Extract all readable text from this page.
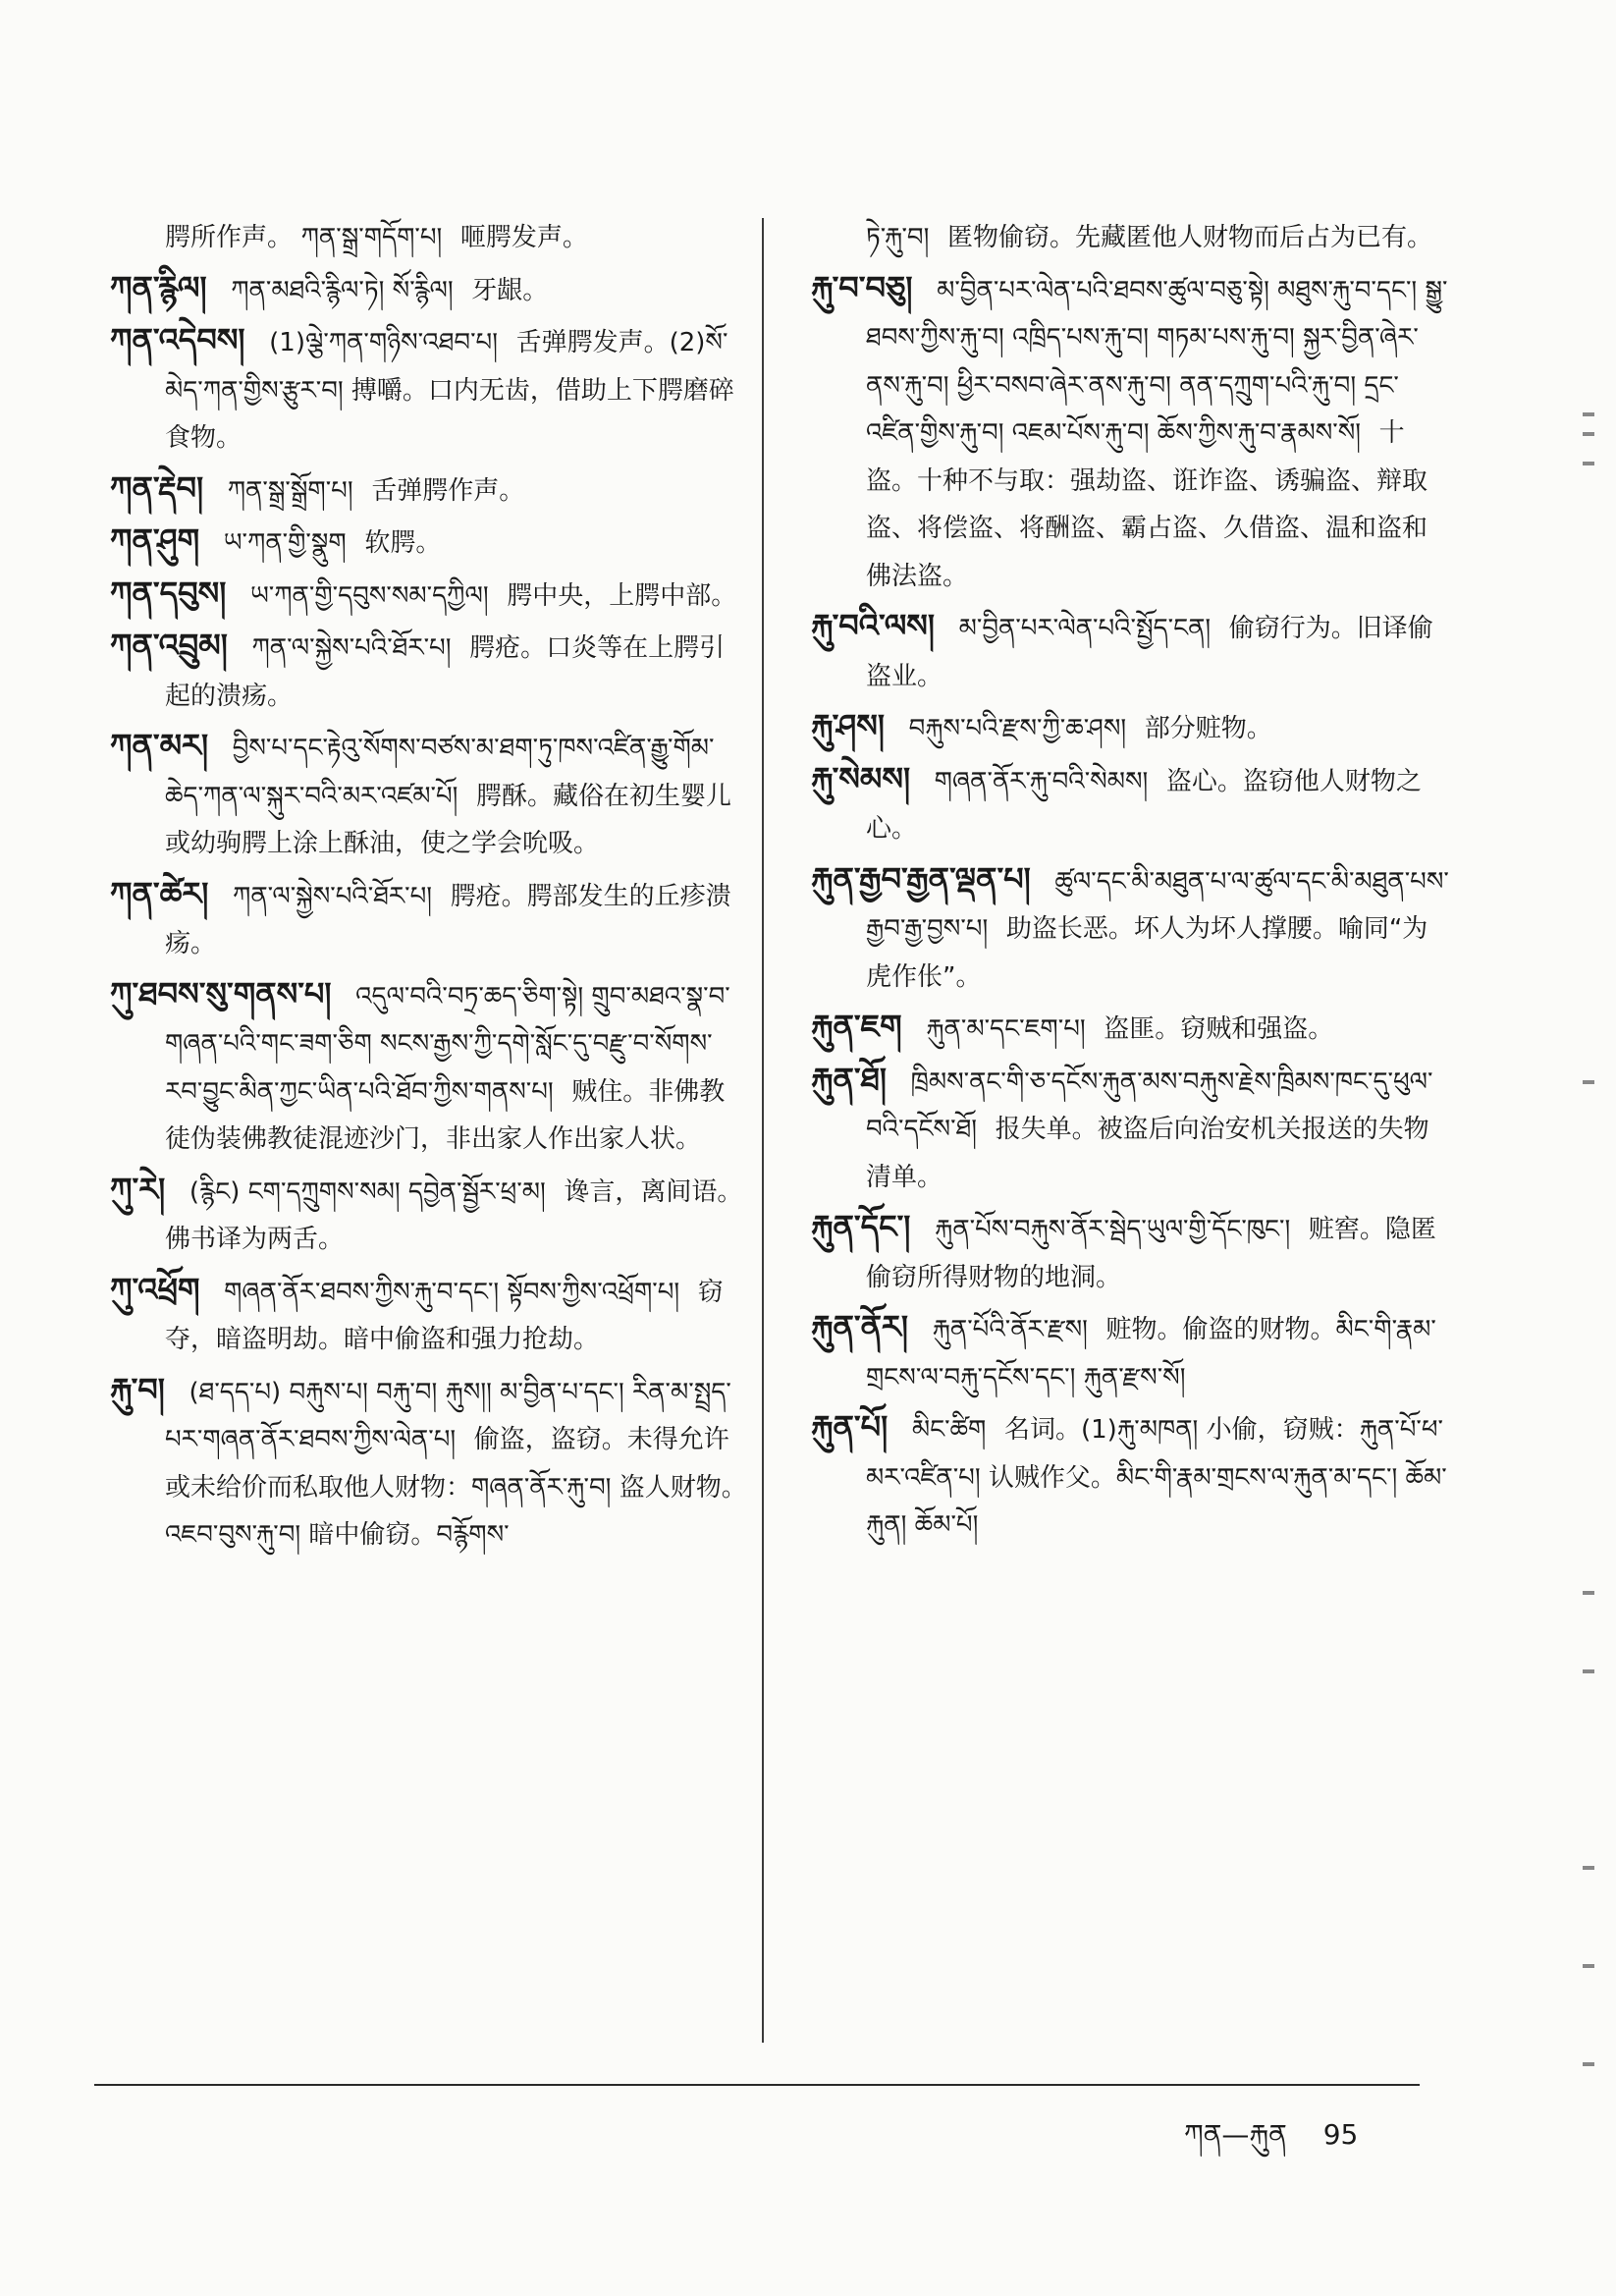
腭所作声。 ཀན་སྒྲ་གདོག་པ། 咂腭发声。
ཀན་རྙིལ། ཀན་མཐའི་རྙིལ་ཏེ། སོ་རྙིལ། 牙龈。
ཀན་འདེབས། (1)ལྕེ་ཀན་གཉིས་འཐབ་པ། 舌弹腭发声。(2)སོ་མེད་ཀན་གྱིས་རྩུར་བ། 搏嚼。口内无齿，借助上下腭磨碎食物。
ཀན་རྡེབ། ཀན་སྒྲ་སྒྲོག་པ། 舌弹腭作声。
ཀན་ཤུག ཡ་ཀན་གྱི་སྣུག 软腭。
ཀན་དབུས། ཡ་ཀན་གྱི་དབུས་སམ་དཀྱིལ། 腭中央，上腭中部。
ཀན་འབྲུམ། ཀན་ལ་སྐྱེས་པའི་ཐོར་པ། 腭疮。口炎等在上腭引起的溃疡。
ཀན་མར། བྱིས་པ་དང་རྟེའུ་སོགས་བཙས་མ་ཐག་ཏུ་ཁས་འཛིན་རྒྱུ་གོམ་ཆེད་ཀན་ལ་སྐུར་བའི་མར་འཛམ་པོ། 腭酥。藏俗在初生婴儿或幼驹腭上涂上酥油，使之学会吮吸。
ཀན་ཚེར། ཀན་ལ་སྐྱེས་པའི་ཐོར་པ། 腭疮。腭部发生的丘疹溃疡。
ཀུ་ཐབས་སུ་གནས་པ། འདུལ་བའི་བཏྲ་ཆད་ཅིག་སྟེ། གྲུབ་མཐའ་སྣ་བ་གཞན་པའི་གང་ཟག་ཅིག སངས་རྒྱས་ཀྱི་དགེ་སློང་དུ་བརྫུ་བ་སོགས་རབ་བྱུང་མིན་ཀྱང་ཡིན་པའི་ཐོབ་ཀྱིས་གནས་པ། 贼住。非佛教徒伪装佛教徒混迹沙门，非出家人作出家人状。
ཀུ་རེ། (རྙིང) ངག་དཀྲུགས་སམ། དབྱེན་སྦྱོར་ཕྲ་མ། 谗言，离间语。佛书译为两舌。
ཀུ་འཕྲོག གཞན་ནོར་ཐབས་ཀྱིས་རྐུ་བ་དང་། སྟོབས་ཀྱིས་འཕྲོག་པ། 窃夺，暗盗明劫。暗中偷盗和强力抢劫。
རྐུ་བ། (ཐ་དད་པ) བརྐུས་པ། བརྐུ་བ། རྐུས།། མ་བྱིན་པ་དང་། རིན་མ་སྤྲད་པར་གཞན་ནོར་ཐབས་ཀྱིས་ལེན་པ། 偷盗，盗窃。未得允许或未给价而私取他人财物：གཞན་ནོར་རྐུ་བ། 盗人财物。འཇབ་བུས་རྐུ་བ། 暗中偷窃。བརྙོགས་
ཏེ་རྐུ་བ། 匿物偷窃。先藏匿他人财物而后占为已有。
རྐུ་བ་བཅུ། མ་བྱིན་པར་ལེན་པའི་ཐབས་ཚུལ་བཅུ་སྟེ། མཐུས་རྐུ་བ་དང་། སྒྱུ་ཐབས་ཀྱིས་རྐུ་བ། འཁྲིད་པས་རྐུ་བ། གཏམ་པས་རྐུ་བ། སྐྱར་བྱིན་ཞེར་ནས་རྐུ་བ། ཕྱིར་བསབ་ཞེར་ནས་རྐུ་བ། ནན་དཀྲུག་པའི་རྐུ་བ། དྲང་འཛིན་གྱིས་རྐུ་བ། འཇམ་པོས་རྐུ་བ། ཆོས་ཀྱིས་རྐུ་བ་རྣམས་སོ། 十盗。十种不与取：强劫盗、诳诈盗、诱骗盗、辩取盗、将偿盗、将酬盗、霸占盗、久借盗、温和盗和佛法盗。
རྐུ་བའི་ལས། མ་བྱིན་པར་ལེན་པའི་སྤྱོད་ངན། 偷窃行为。旧译偷盗业。
རྐུ་ཤས། བརྐུས་པའི་རྫས་ཀྱི་ཆ་ཤས། 部分赃物。
རྐུ་སེམས། གཞན་ནོར་རྐུ་བའི་སེམས། 盗心。盗窃他人财物之心。
རྐུན་རྒྱབ་རྒྱན་ལྡན་པ། ཚུལ་དང་མི་མཐུན་པ་ལ་ཚུལ་དང་མི་མཐུན་པས་རྒྱབ་རྒྱ་བྱས་པ། 助盗长恶。坏人为坏人撑腰。喻同“为虎作伥”。
རྐུན་ཇག རྐུན་མ་དང་ཇག་པ། 盗匪。窃贼和强盗。
རྐུན་ཐོ། ཁྲིམས་ནང་གི་ཅ་དངོས་རྐུན་མས་བརྐུས་རྗེས་ཁྲིམས་ཁང་དུ་ཕུལ་བའི་དངོས་ཐོ། 报失单。被盗后向治安机关报送的失物清单。
རྐུན་དོང་། རྐུན་པོས་བརྐུས་ནོར་སྦེད་ཡུལ་གྱི་དོང་ཁུང་། 赃窖。隐匿偷窃所得财物的地洞。
རྐུན་ནོར། རྐུན་པོའི་ནོར་རྫས། 赃物。偷盗的财物。མིང་གི་རྣམ་གྲངས་ལ་བརྐུ་དངོས་དང་། རྐུན་རྫས་སོ།
རྐུན་པོ། མིང་ཚིག 名词。(1)རྐུ་མཁན། 小偷，窃贼：རྐུན་པོ་ཕ་མར་འཛིན་པ། 认贼作父。མིང་གི་རྣམ་གྲངས་ལ་རྐུན་མ་དང་། ཆོམ་རྐུན། ཆོམ་པོ།
ཀན—རྐུན 95
